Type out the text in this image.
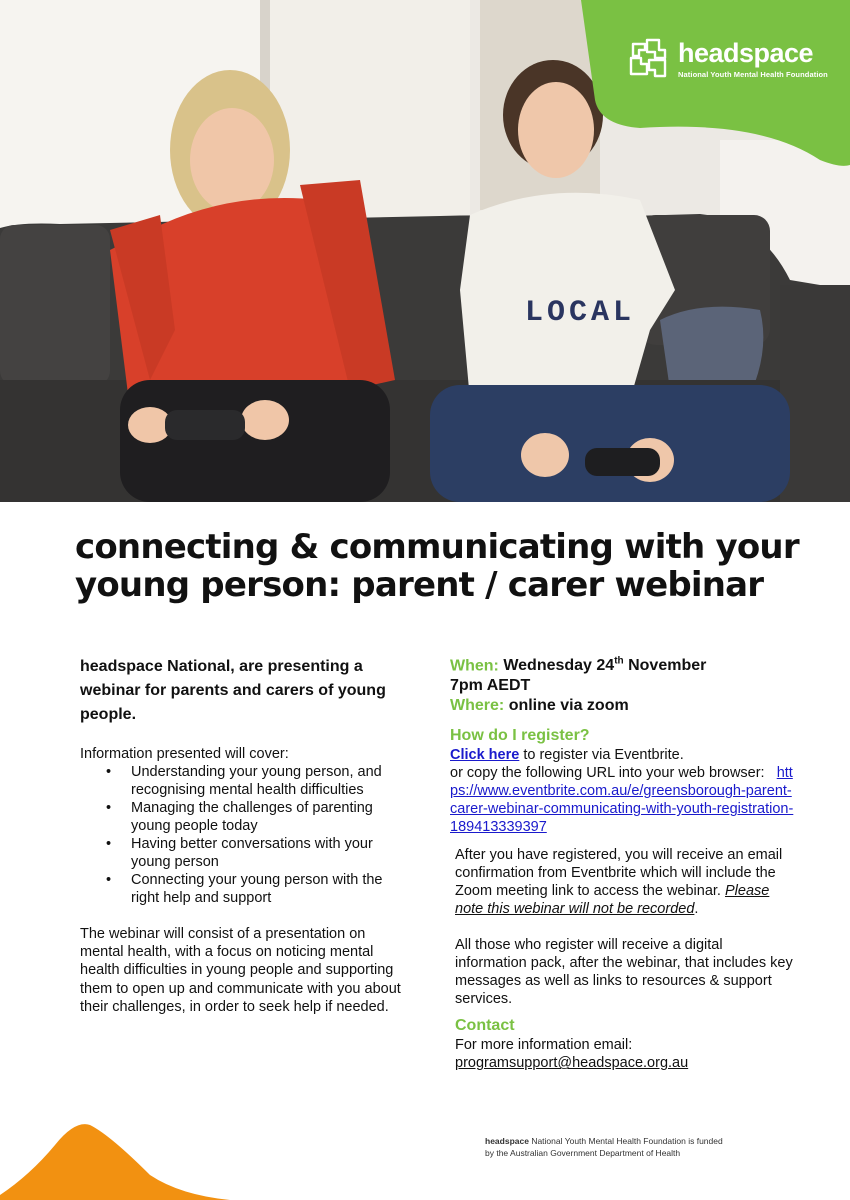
LOCAL
headspace
National Youth Mental Health Foundation
connecting & communicating with your
young person: parent / carer webinar

headspace National, are presenting a webinar for parents and carers of young people.

Information presented will cover:

• Understanding your young person, and recognising mental health difficulties
• Managing the challenges of parenting young people today
• Having better conversations with your young person
• Connecting your young person with the right help and support

The webinar will consist of a presentation on mental health, with a focus on noticing mental health difficulties in young people and supporting them to open up and communicate with you about their challenges, in order to seek help if needed.

When: Wednesday 24th November
7pm AEDT
Where: online via zoom
How do I register?
Click here to register via Eventbrite.
or copy the following URL into your web browser: https://www.eventbrite.com.au/e/greensborough-parent-carer-webinar-communicating-with-youth-registration-189413339397

After you have registered, you will receive an email confirmation from Eventbrite which will include the Zoom meeting link to access the webinar. Please note this webinar will not be recorded.

All those who register will receive a digital information pack, after the webinar, that includes key messages as well as links to resources & support services.

Contact
For more information email:
programsupport@headspace.org.au
headspace National Youth Mental Health Foundation is funded
by the Australian Government Department of Health
